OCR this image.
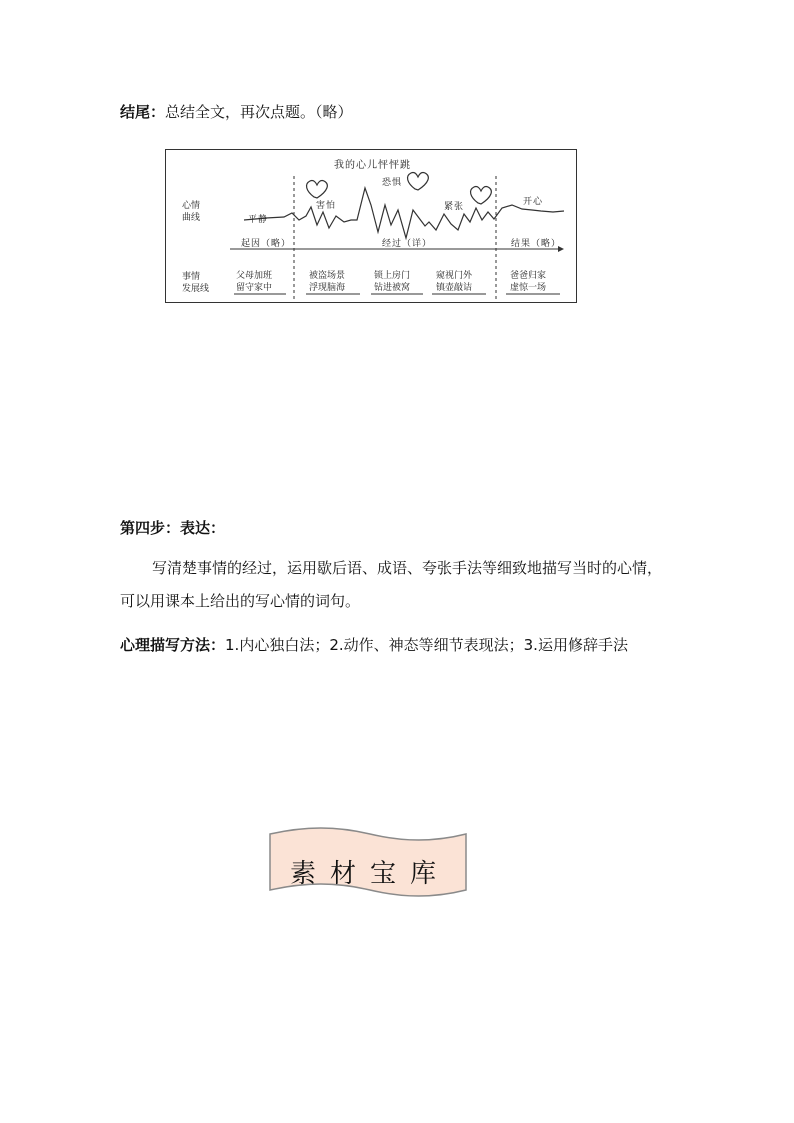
结尾：总结全文，再次点题。（略）
我的心儿怦怦跳
心情
曲线
事情
发展线
平静
害怕
恐惧
紧张	开心
起因（略）	经过（详）	结果（略）
父母加班
留守家中
被盗场景
浮现脑海
锁上房门
钻进被窝
窥视门外
镇壶敲诘
爸爸归家
虚惊一场
第四步：表达：
写清楚事情的经过，运用歇后语、成语、夸张手法等细致地描写当时的心情，
可以用课本上给出的写心情的词句。
心理描写方法：1.内心独白法；2.动作、神态等细节表现法；3.运用修辞手法
素材宝库
